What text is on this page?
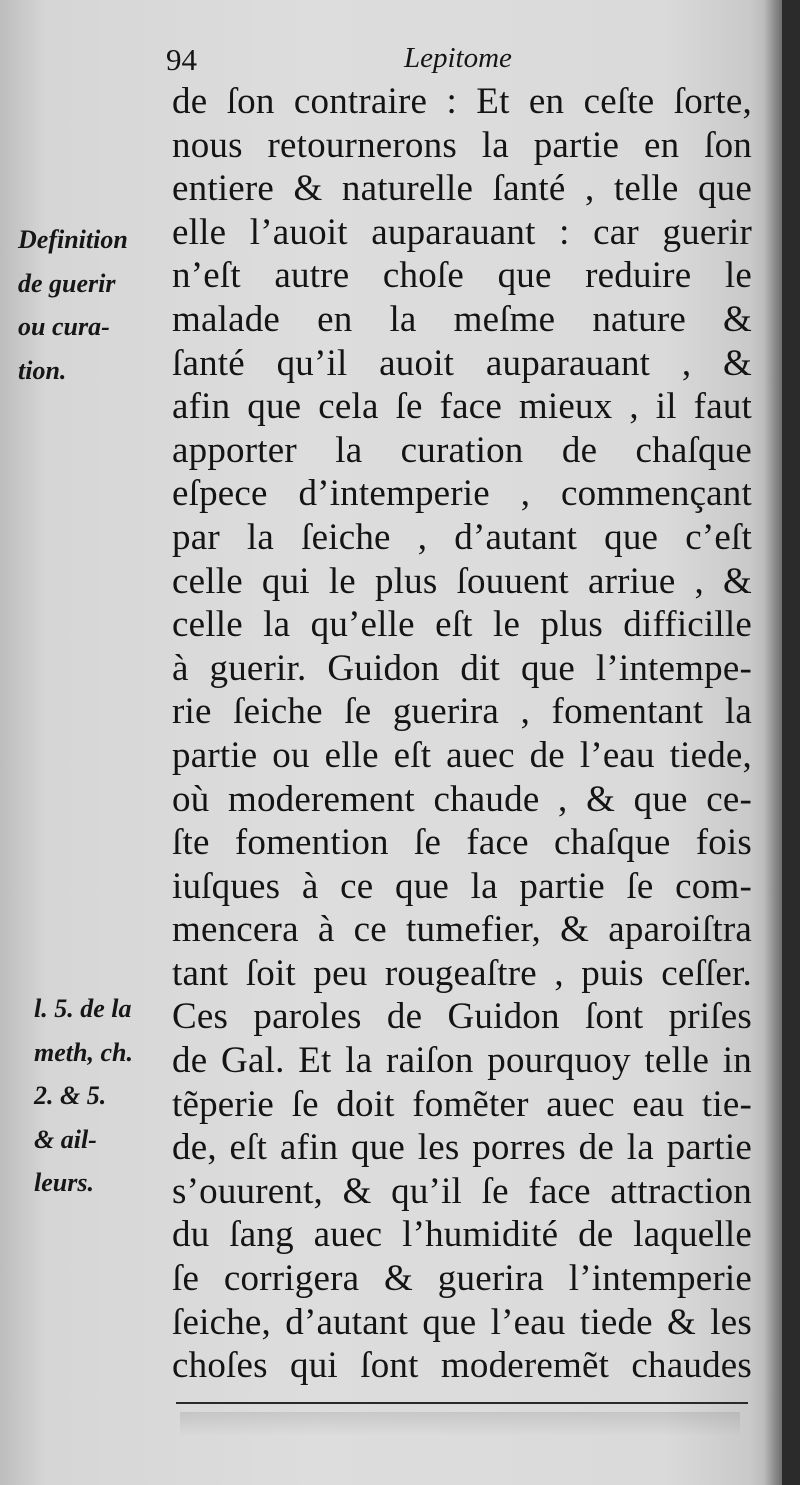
94	Lepitome
Definition
de guerir
ou cura-
tion.
l. 5. de la
meth, ch.
2. & 5.
& ail-
leurs.
de ſon contraire : Et en ceſte ſorte,
nous retournerons la partie en ſon
entiere & naturelle ſanté , telle que
elle l’auoit auparauant : car guerir
n’eſt autre choſe que reduire le
malade en la meſme nature &
ſanté qu’il auoit auparauant , &
afin que cela ſe face mieux , il faut
apporter la curation de chaſque
eſpece d’intemperie , commençant
par la ſeiche , d’autant que c’eſt
celle qui le plus ſouuent arriue , &
celle la qu’elle eſt le plus difficille
à guerir. Guidon dit que l’intempe-
rie ſeiche ſe guerira , fomentant la
partie ou elle eſt auec de l’eau tiede,
où moderement chaude , & que ce-
ſte fomention ſe face chaſque fois
iuſques à ce que la partie ſe com-
mencera à ce tumefier, & aparoiſtra
tant ſoit peu rougeaſtre , puis ceſſer.
Ces paroles de Guidon ſont priſes
de Gal. Et la raiſon pourquoy telle in
tẽperie ſe doit fomẽter auec eau tie-
de, eſt afin que les porres de la partie
s’ouurent, & qu’il ſe face attraction
du ſang auec l’humidité de laquelle
ſe corrigera & guerira l’intemperie
ſeiche, d’autant que l’eau tiede & les
choſes qui ſont moderemẽt chaudes
